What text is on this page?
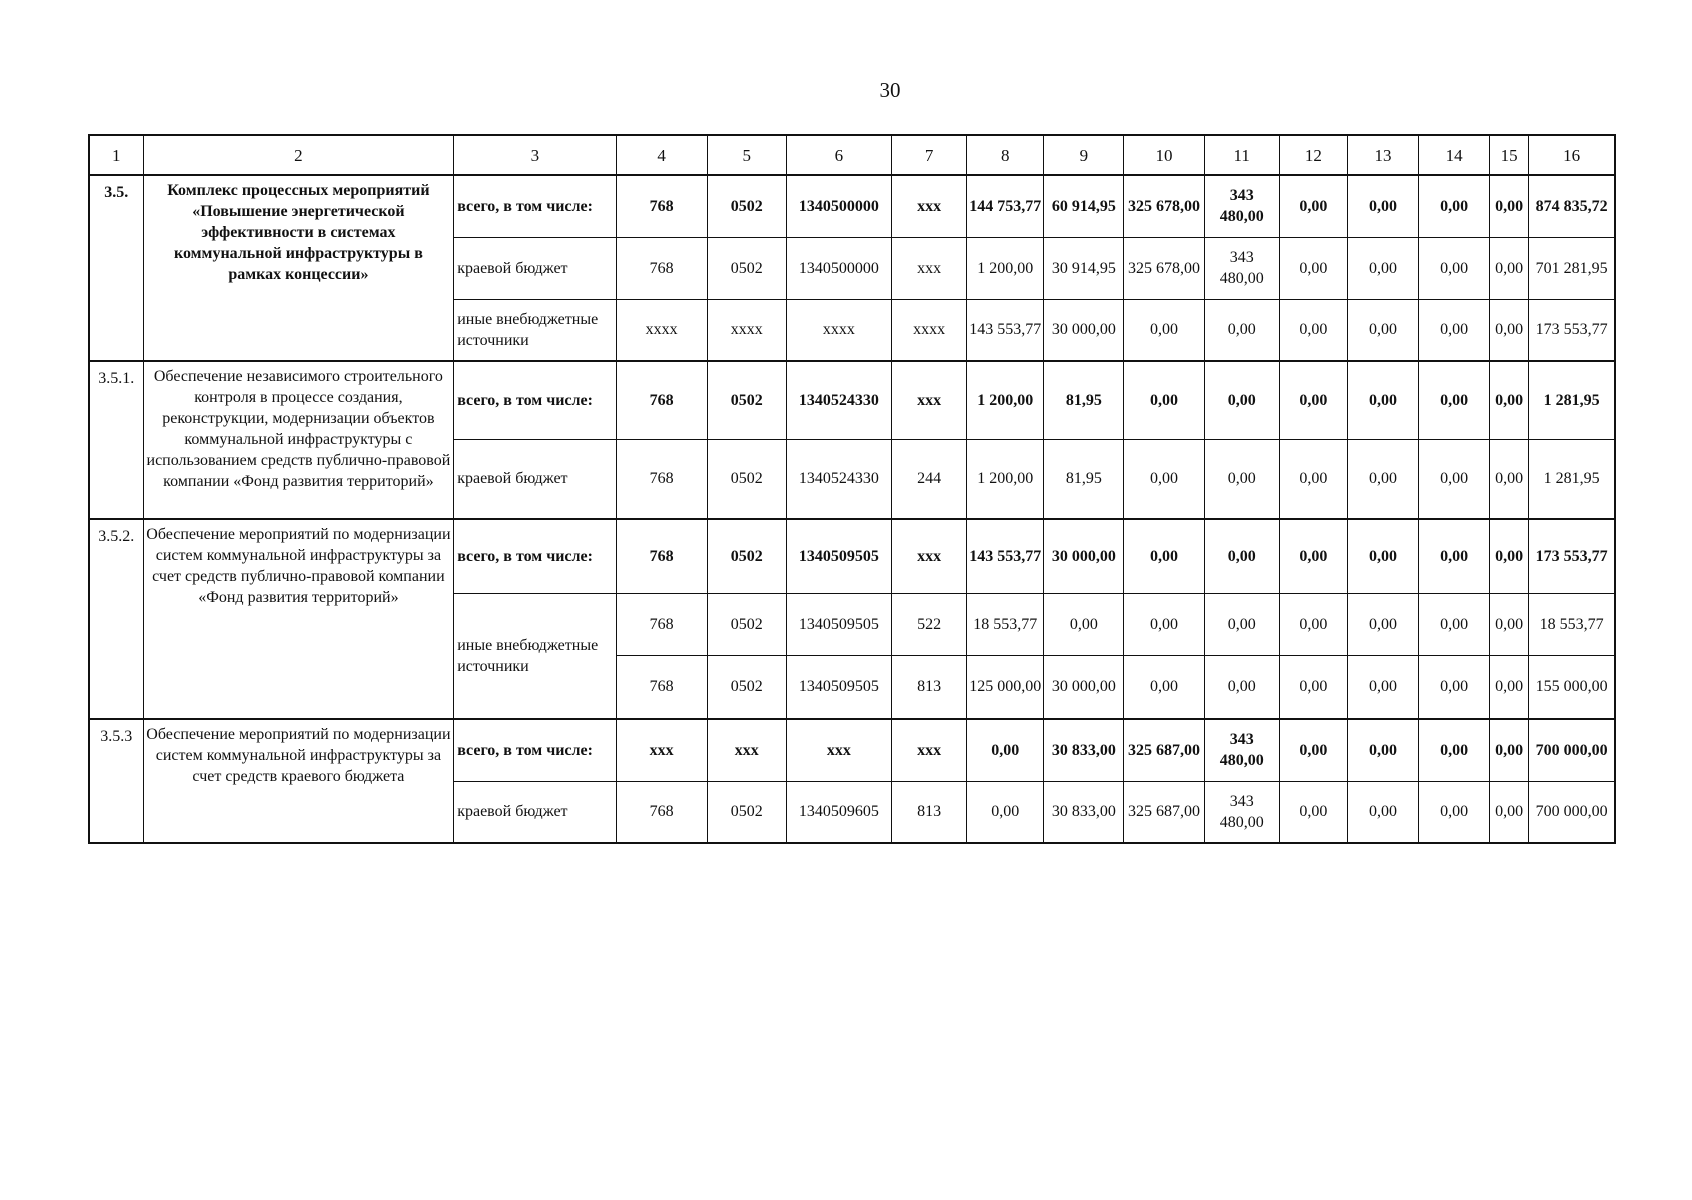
30
1	2	3	4	5	6	7	8	9	10	11	12	13	14	15	16
3.5.	Комплекс процессных мероприятий «Повышение энергетической эффективности в системах коммунальной инфраструктуры в рамках концессии»	всего, в том числе:	768	0502	1340500000	xxx	144 753,77	60 914,95	325 678,00	343 480,00	0,00	0,00	0,00	0,00	874 835,72
		краевой бюджет	768	0502	1340500000	xxx	1 200,00	30 914,95	325 678,00	343 480,00	0,00	0,00	0,00	0,00	701 281,95
		иные внебюджетные источники	xxxx	xxxx	xxxx	xxxx	143 553,77	30 000,00	0,00	0,00	0,00	0,00	0,00	0,00	173 553,77
3.5.1.	Обеспечение независимого строительного контроля в процессе создания, реконструкции, модернизации объектов коммунальной инфраструктуры с использованием средств публично-правовой компании «Фонд развития территорий»	всего, в том числе:	768	0502	1340524330	xxx	1 200,00	81,95	0,00	0,00	0,00	0,00	0,00	0,00	1 281,95
		краевой бюджет	768	0502	1340524330	244	1 200,00	81,95	0,00	0,00	0,00	0,00	0,00	0,00	1 281,95
3.5.2.	Обеспечение мероприятий по модернизации систем коммунальной инфраструктуры за счет средств публично-правовой компании «Фонд развития территорий»	всего, в том числе:	768	0502	1340509505	xxx	143 553,77	30 000,00	0,00	0,00	0,00	0,00	0,00	0,00	173 553,77
		иные внебюджетные источники	768	0502	1340509505	522	18 553,77	0,00	0,00	0,00	0,00	0,00	0,00	0,00	18 553,77
			768	0502	1340509505	813	125 000,00	30 000,00	0,00	0,00	0,00	0,00	0,00	0,00	155 000,00
3.5.3	Обеспечение мероприятий по модернизации систем коммунальной инфраструктуры за счет средств краевого бюджета	всего, в том числе:	xxx	xxx	xxx	xxx	0,00	30 833,00	325 687,00	343 480,00	0,00	0,00	0,00	0,00	700 000,00
		краевой бюджет	768	0502	1340509605	813	0,00	30 833,00	325 687,00	343 480,00	0,00	0,00	0,00	0,00	700 000,00
